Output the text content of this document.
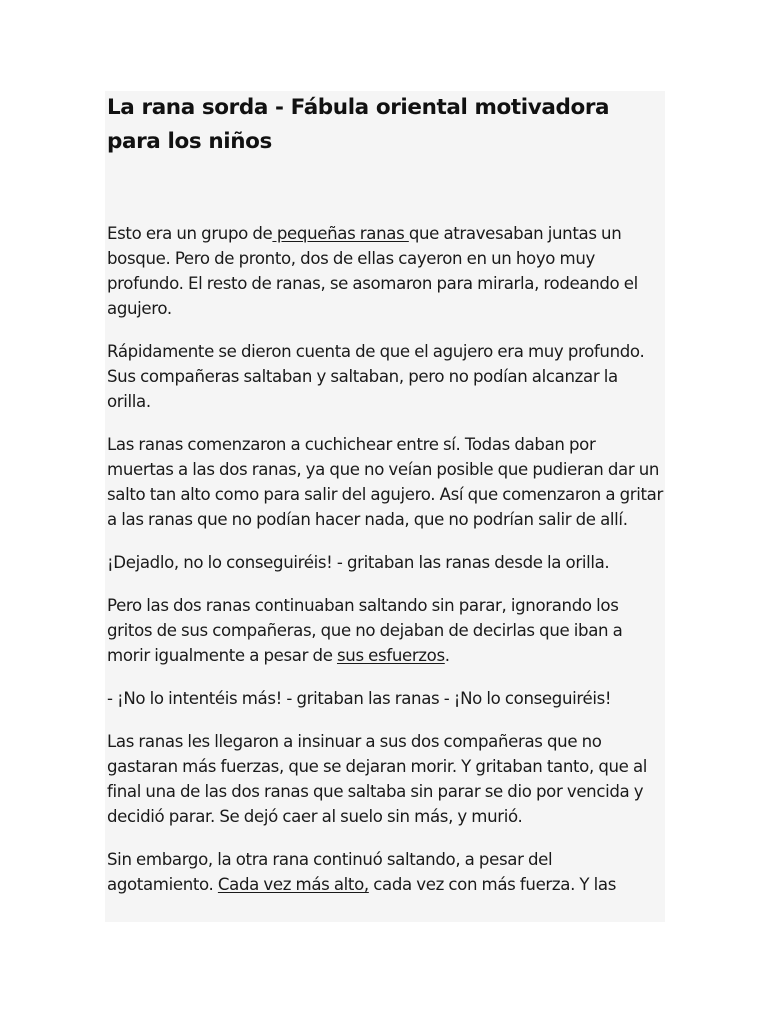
La rana sorda - Fábula oriental motivadora para los niños

Esto era un grupo de pequeñas ranas que atravesaban juntas un bosque. Pero de pronto, dos de ellas cayeron en un hoyo muy profundo. El resto de ranas, se asomaron para mirarla, rodeando el agujero.

Rápidamente se dieron cuenta de que el agujero era muy profundo. Sus compañeras saltaban y saltaban, pero no podían alcanzar la orilla.

Las ranas comenzaron a cuchichear entre sí. Todas daban por muertas a las dos ranas, ya que no veían posible que pudieran dar un salto tan alto como para salir del agujero. Así que comenzaron a gritar a las ranas que no podían hacer nada, que no podrían salir de allí.

¡Dejadlo, no lo conseguiréis! - gritaban las ranas desde la orilla.

Pero las dos ranas continuaban saltando sin parar, ignorando los gritos de sus compañeras, que no dejaban de decirlas que iban a morir igualmente a pesar de sus esfuerzos.

- ¡No lo intentéis más! - gritaban las ranas - ¡No lo conseguiréis!

Las ranas les llegaron a insinuar a sus dos compañeras que no gastaran más fuerzas, que se dejaran morir. Y gritaban tanto, que al final una de las dos ranas que saltaba sin parar se dio por vencida y decidió parar. Se dejó caer al suelo sin más, y murió.

Sin embargo, la otra rana continuó saltando, a pesar del agotamiento. Cada vez más alto, cada vez con más fuerza. Y las
